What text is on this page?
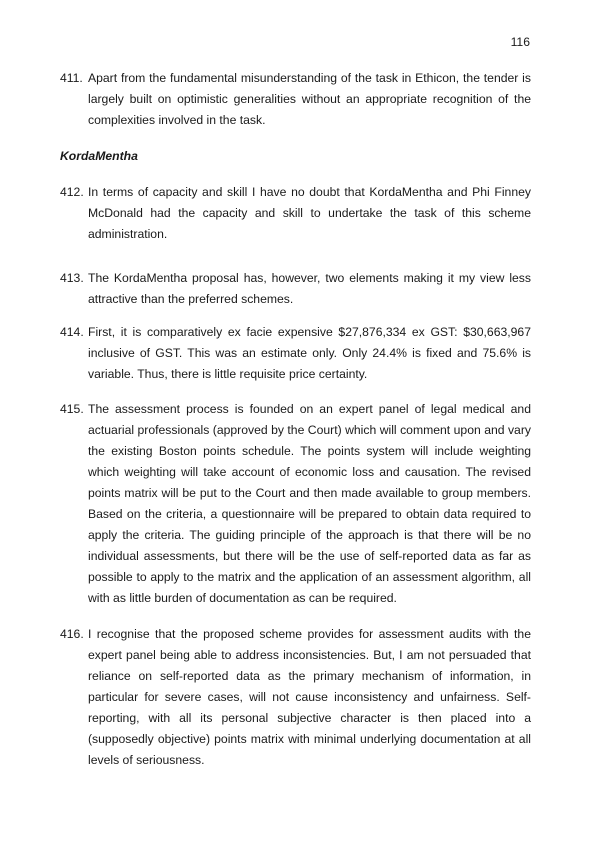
116
411. Apart from the fundamental misunderstanding of the task in Ethicon, the tender is largely built on optimistic generalities without an appropriate recognition of the complexities involved in the task.
KordaMentha
412. In terms of capacity and skill I have no doubt that KordaMentha and Phi Finney McDonald had the capacity and skill to undertake the task of this scheme administration.
413. The KordaMentha proposal has, however, two elements making it my view less attractive than the preferred schemes.
414. First, it is comparatively ex facie expensive $27,876,334 ex GST: $30,663,967 inclusive of GST. This was an estimate only. Only 24.4% is fixed and 75.6% is variable. Thus, there is little requisite price certainty.
415. The assessment process is founded on an expert panel of legal medical and actuarial professionals (approved by the Court) which will comment upon and vary the existing Boston points schedule. The points system will include weighting which weighting will take account of economic loss and causation. The revised points matrix will be put to the Court and then made available to group members. Based on the criteria, a questionnaire will be prepared to obtain data required to apply the criteria. The guiding principle of the approach is that there will be no individual assessments, but there will be the use of self-reported data as far as possible to apply to the matrix and the application of an assessment algorithm, all with as little burden of documentation as can be required.
416. I recognise that the proposed scheme provides for assessment audits with the expert panel being able to address inconsistencies. But, I am not persuaded that reliance on self-reported data as the primary mechanism of information, in particular for severe cases, will not cause inconsistency and unfairness. Self-reporting, with all its personal subjective character is then placed into a (supposedly objective) points matrix with minimal underlying documentation at all levels of seriousness.
